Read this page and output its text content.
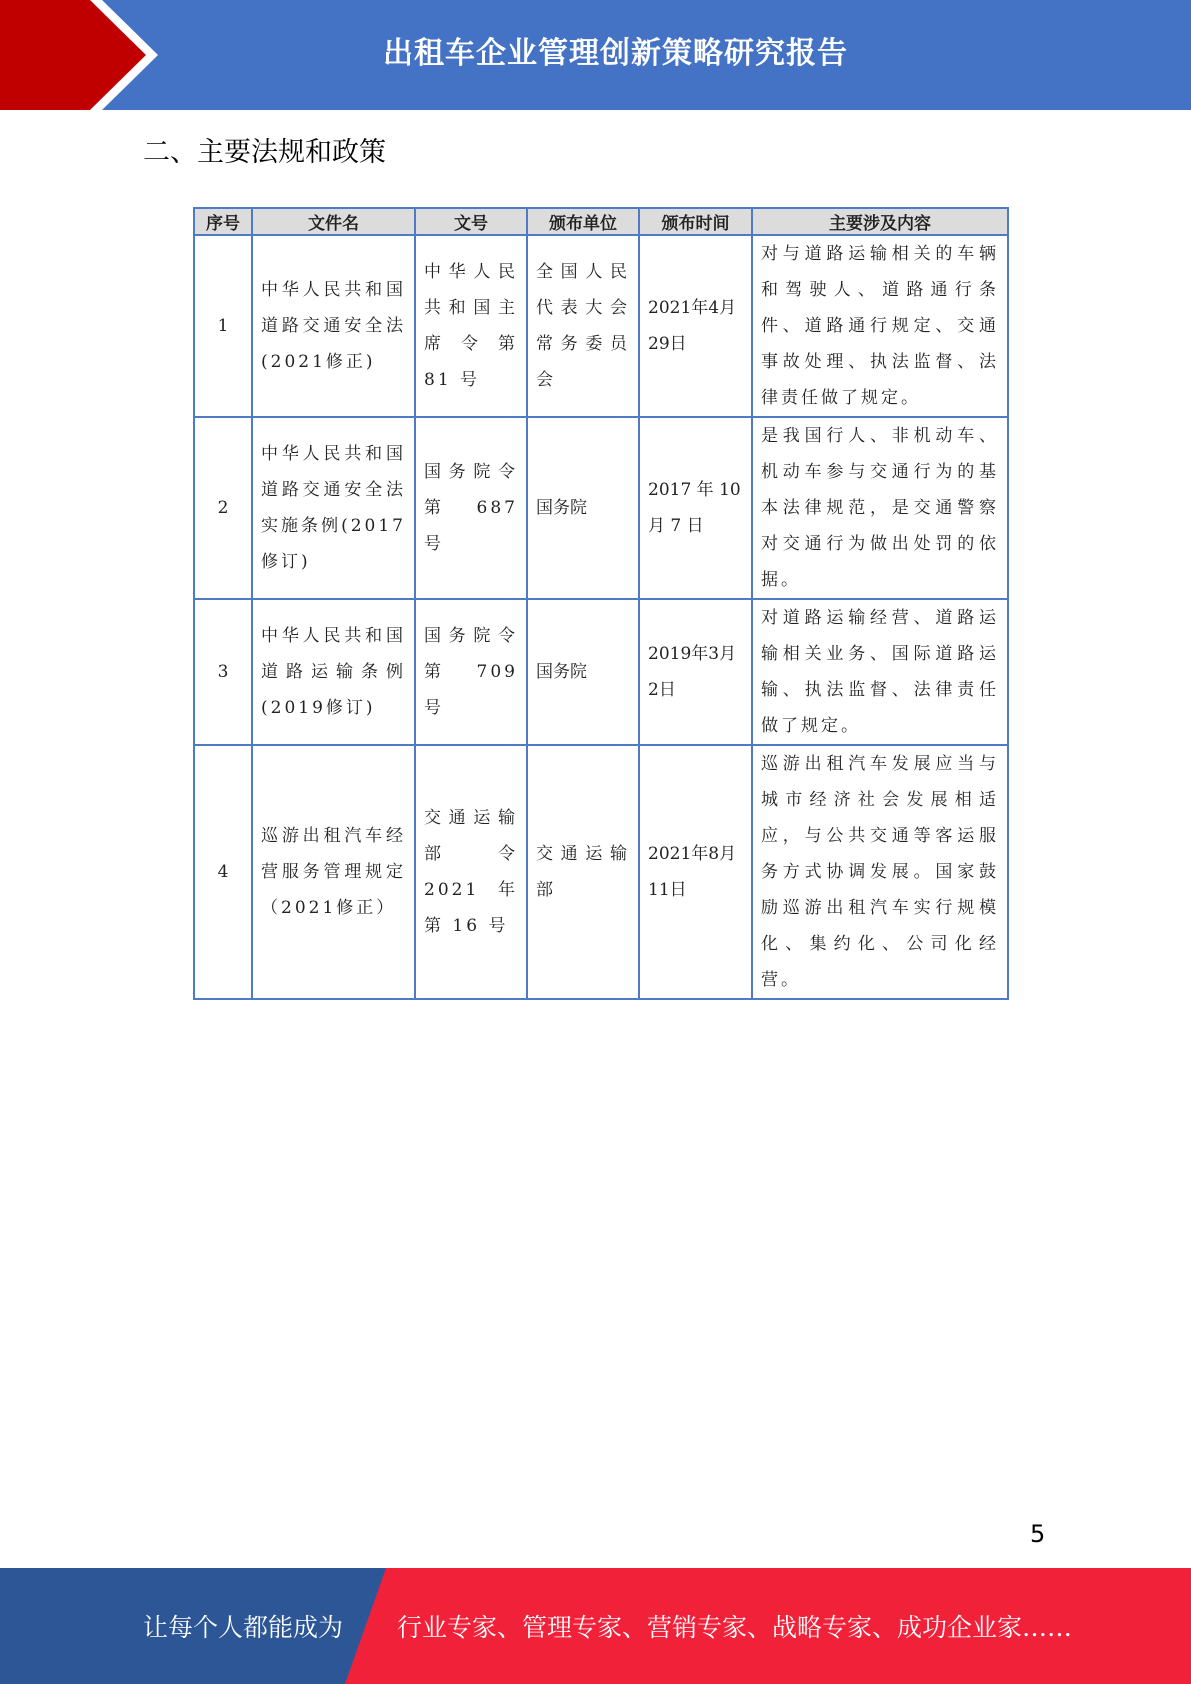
出租车企业管理创新策略研究报告
二、主要法规和政策
序号	文件名	文号	颁布单位	颁布时间	主要涉及内容
1	中华人民共和国道路交通安全法(2021修正)	中华人民共和国主席令第 81 号	全国人民代表大会常务委员会	2021年4月29日	对与道路运输相关的车辆和驾驶人、道路通行条件、道路通行规定、交通事故处理、执法监督、法律责任做了规定。

2	中华人民共和国道路交通安全法实施条例(2017修订)	国务院令第 687 号	国务院	2017 年 10 月 7 日	是我国行人、非机动车、机动车参与交通行为的基本法律规范，是交通警察对交通行为做出处罚的依据。

3	中华人民共和国道路运输条例(2019修订)	国务院令第 709 号	国务院	2019年3月2日	对道路运输经营、道路运输相关业务、国际道路运输、执法监督、法律责任做了规定。

4	巡游出租汽车经营服务管理规定（2021修正）	交通运输部令 2021 年第 16 号	交通运输部	2021年8月11日	巡游出租汽车发展应当与城市经济社会发展相适应，与公共交通等客运服务方式协调发展。国家鼓励巡游出租汽车实行规模化、集约化、公司化经营。
5
让每个人都能成为 行业专家、管理专家、营销专家、战略专家、成功企业家……
